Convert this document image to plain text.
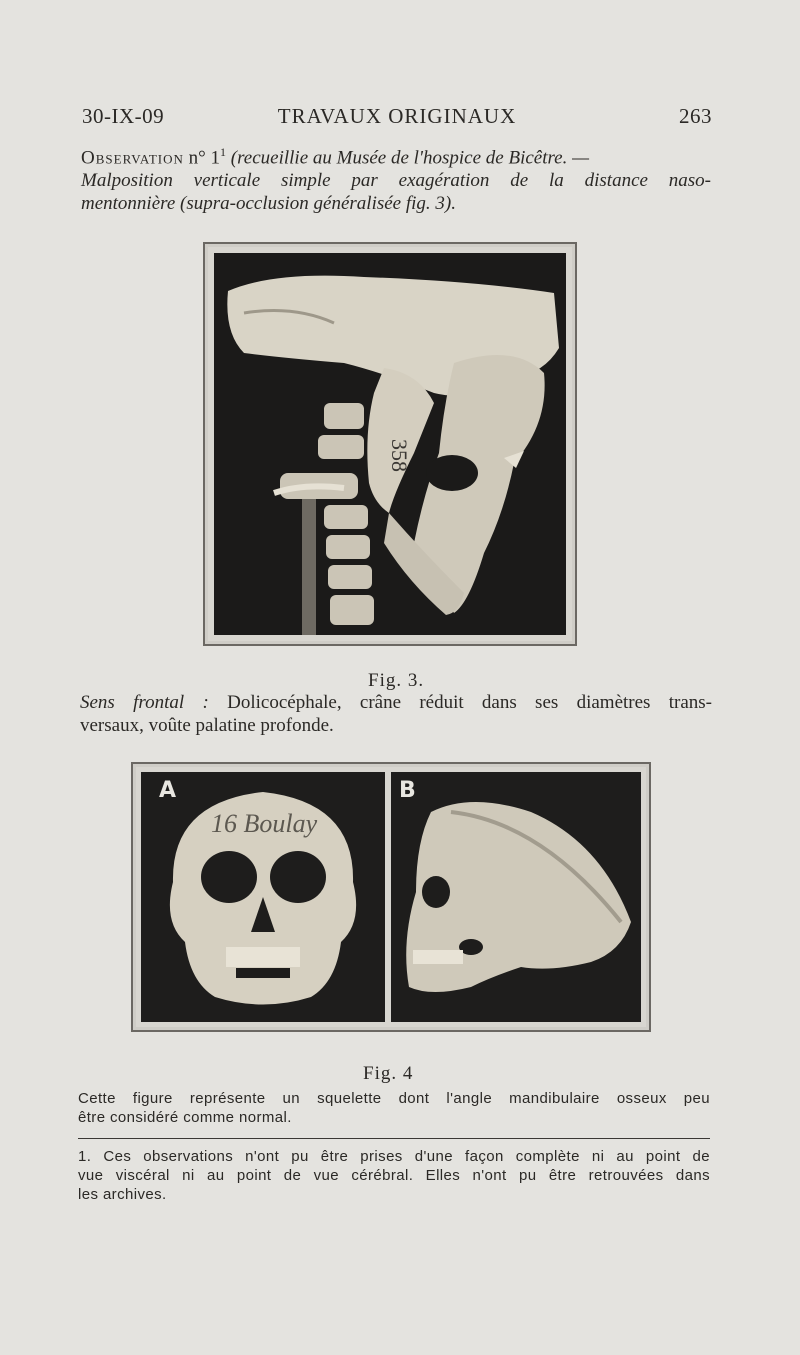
30-IX-09	TRAVAUX ORIGINAUX	263
Observation n° $1^1$ (recueillie au Musée de l'hospice de Bicêtre. —
Malposition verticale simple par exagération de la distance naso-
mentonnière (supra-occlusion généralisée fig. 3).
358
Fig. 3.
Sens frontal : Dolicocéphale, crâne réduit dans ses diamètres trans-
versaux, voûte palatine profonde.
16 Boulay
A	B
Fig. 4
Cette figure représente un squelette dont l'angle mandibulaire osseux peu
être considéré comme normal.
1. Ces observations n'ont pu être prises d'une façon complète ni au point de
vue viscéral ni au point de vue cérébral. Elles n'ont pu être retrouvées dans
les archives.
